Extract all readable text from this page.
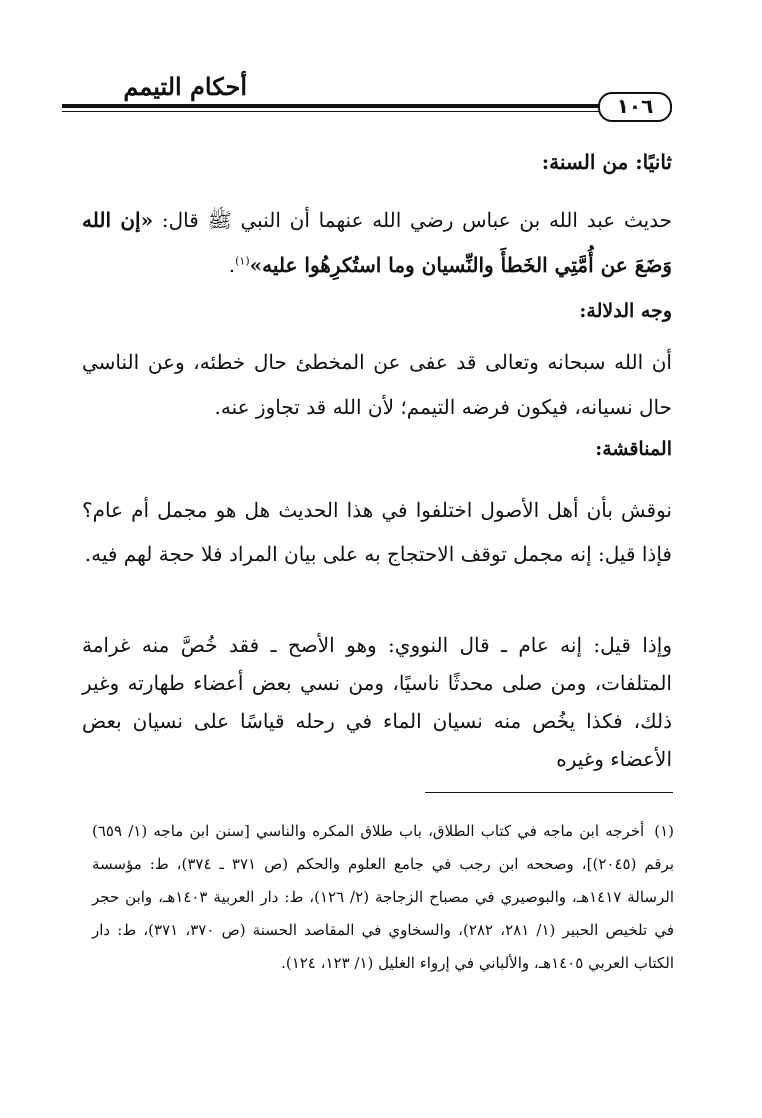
أحكام التيمم
١٠٦
ثانيًا: من السنة:
حديث عبد الله بن عباس رضي الله عنهما أن النبي ﷺ قال: «إن الله وَضَعَ عن أُمَّتِي الخَطأَ والنِّسيان وما استُكرِهُوا عليه»$^{(١)}$.
وجه الدلالة:
أن الله سبحانه وتعالى قد عفى عن المخطئ حال خطئه، وعن الناسي حال نسيانه، فيكون فرضه التيمم؛ لأن الله قد تجاوز عنه.
المناقشة:
نوقش بأن أهل الأصول اختلفوا في هذا الحديث هل هو مجمل أم عام؟ فإذا قيل: إنه مجمل توقف الاحتجاج به على بيان المراد فلا حجة لهم فيه.
وإذا قيل: إنه عام ـ قال النووي: وهو الأصح ـ فقد خُصَّ منه غرامة المتلفات، ومن صلى محدثًا ناسيًا، ومن نسي بعض أعضاء طهارته وغير ذلك، فكذا يخُص منه نسيان الماء في رحله قياسًا على نسيان بعض الأعضاء وغيره
(١)أخرجه ابن ماجه في كتاب الطلاق، باب طلاق المكره والناسي [سنن ابن ماجه (١/ ٦٥٩) برقم (٢٠٤٥)]، وصححه ابن رجب في جامع العلوم والحكم (ص ٣٧١ ـ ٣٧٤)، ط: مؤسسة الرسالة ١٤١٧هـ، والبوصيري في مصباح الزجاجة (٢/ ١٢٦)، ط: دار العربية ١٤٠٣هـ، وابن حجر في تلخيص الحبير (١/ ٢٨١، ٢٨٢)، والسخاوي في المقاصد الحسنة (ص ٣٧٠، ٣٧١)، ط: دار الكتاب العربي ١٤٠٥هـ، والألباني في إرواء الغليل (١/ ١٢٣، ١٢٤).
